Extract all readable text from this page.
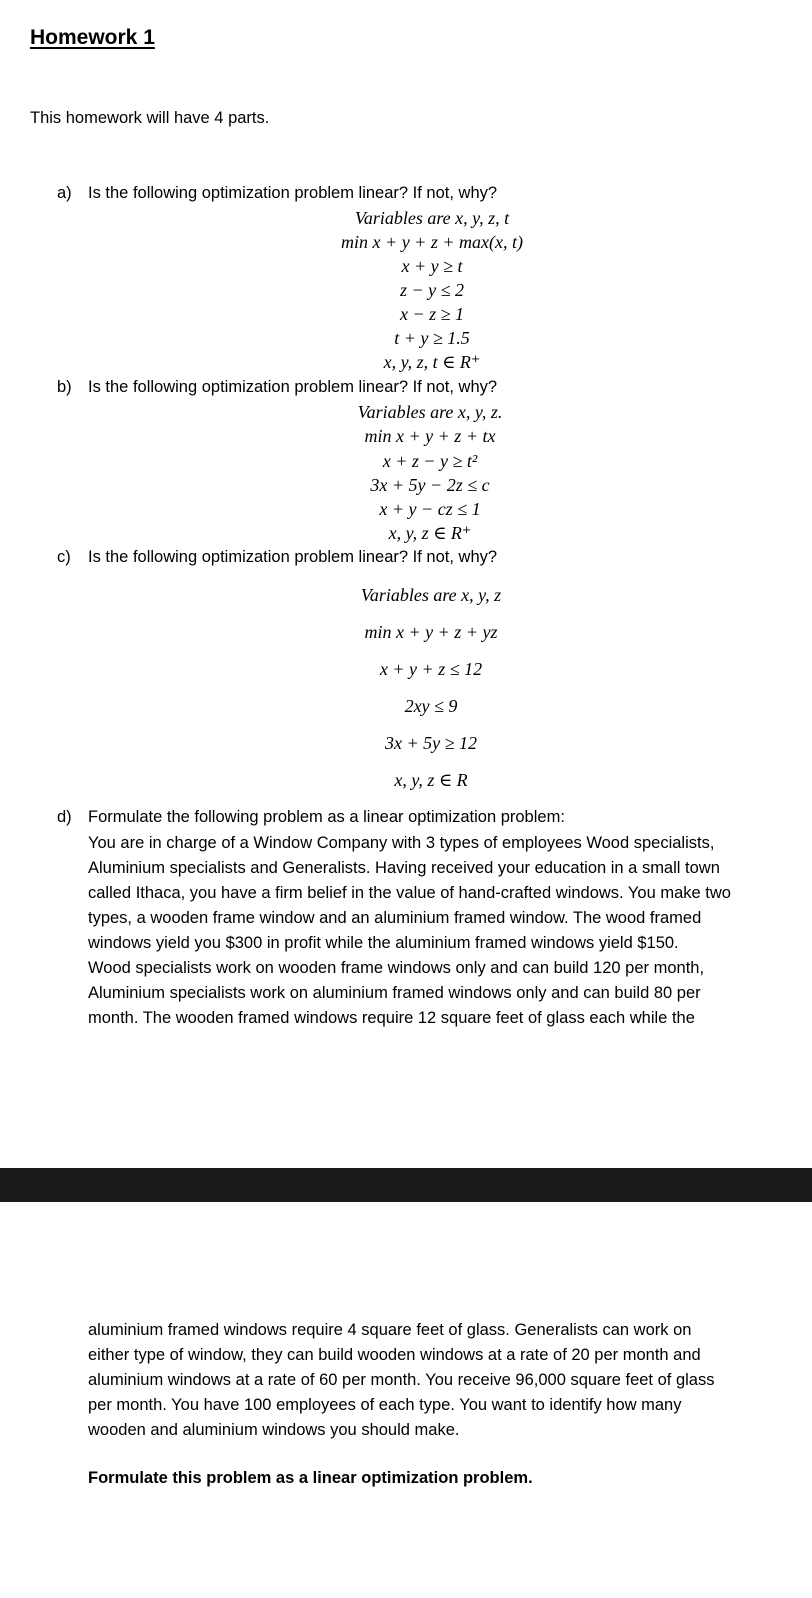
Homework 1
This homework will have 4 parts.
a) Is the following optimization problem linear? If not, why?
Variables are x, y, z, t
min x + y + z + max(x, t)
x + y ≥ t
z − y ≤ 2
x − z ≥ 1
t + y ≥ 1.5
x, y, z, t ∈ R⁺
b) Is the following optimization problem linear? If not, why?
Variables are x, y, z.
min x + y + z + tx
x + z − y ≥ t²
3x + 5y − 2z ≤ c
x + y − cz ≤ 1
x, y, z ∈ R⁺
c) Is the following optimization problem linear? If not, why?
Variables are x, y, z
min x + y + z + yz
x + y + z ≤ 12
2xy ≤ 9
3x + 5y ≥ 12
x, y, z ∈ R
d) Formulate the following problem as a linear optimization problem:
You are in charge of a Window Company with 3 types of employees Wood specialists,
Aluminium specialists and Generalists. Having received your education in a small town
called Ithaca, you have a firm belief in the value of hand-crafted windows. You make two
types, a wooden frame window and an aluminium framed window. The wood framed
windows yield you $300 in profit while the aluminium framed windows yield $150.
Wood specialists work on wooden frame windows only and can build 120 per month,
Aluminium specialists work on aluminium framed windows only and can build 80 per
month. The wooden framed windows require 12 square feet of glass each while the
aluminium framed windows require 4 square feet of glass. Generalists can work on
either type of window, they can build wooden windows at a rate of 20 per month and
aluminium windows at a rate of 60 per month. You receive 96,000 square feet of glass
per month. You have 100 employees of each type. You want to identify how many
wooden and aluminium windows you should make.
Formulate this problem as a linear optimization problem.
